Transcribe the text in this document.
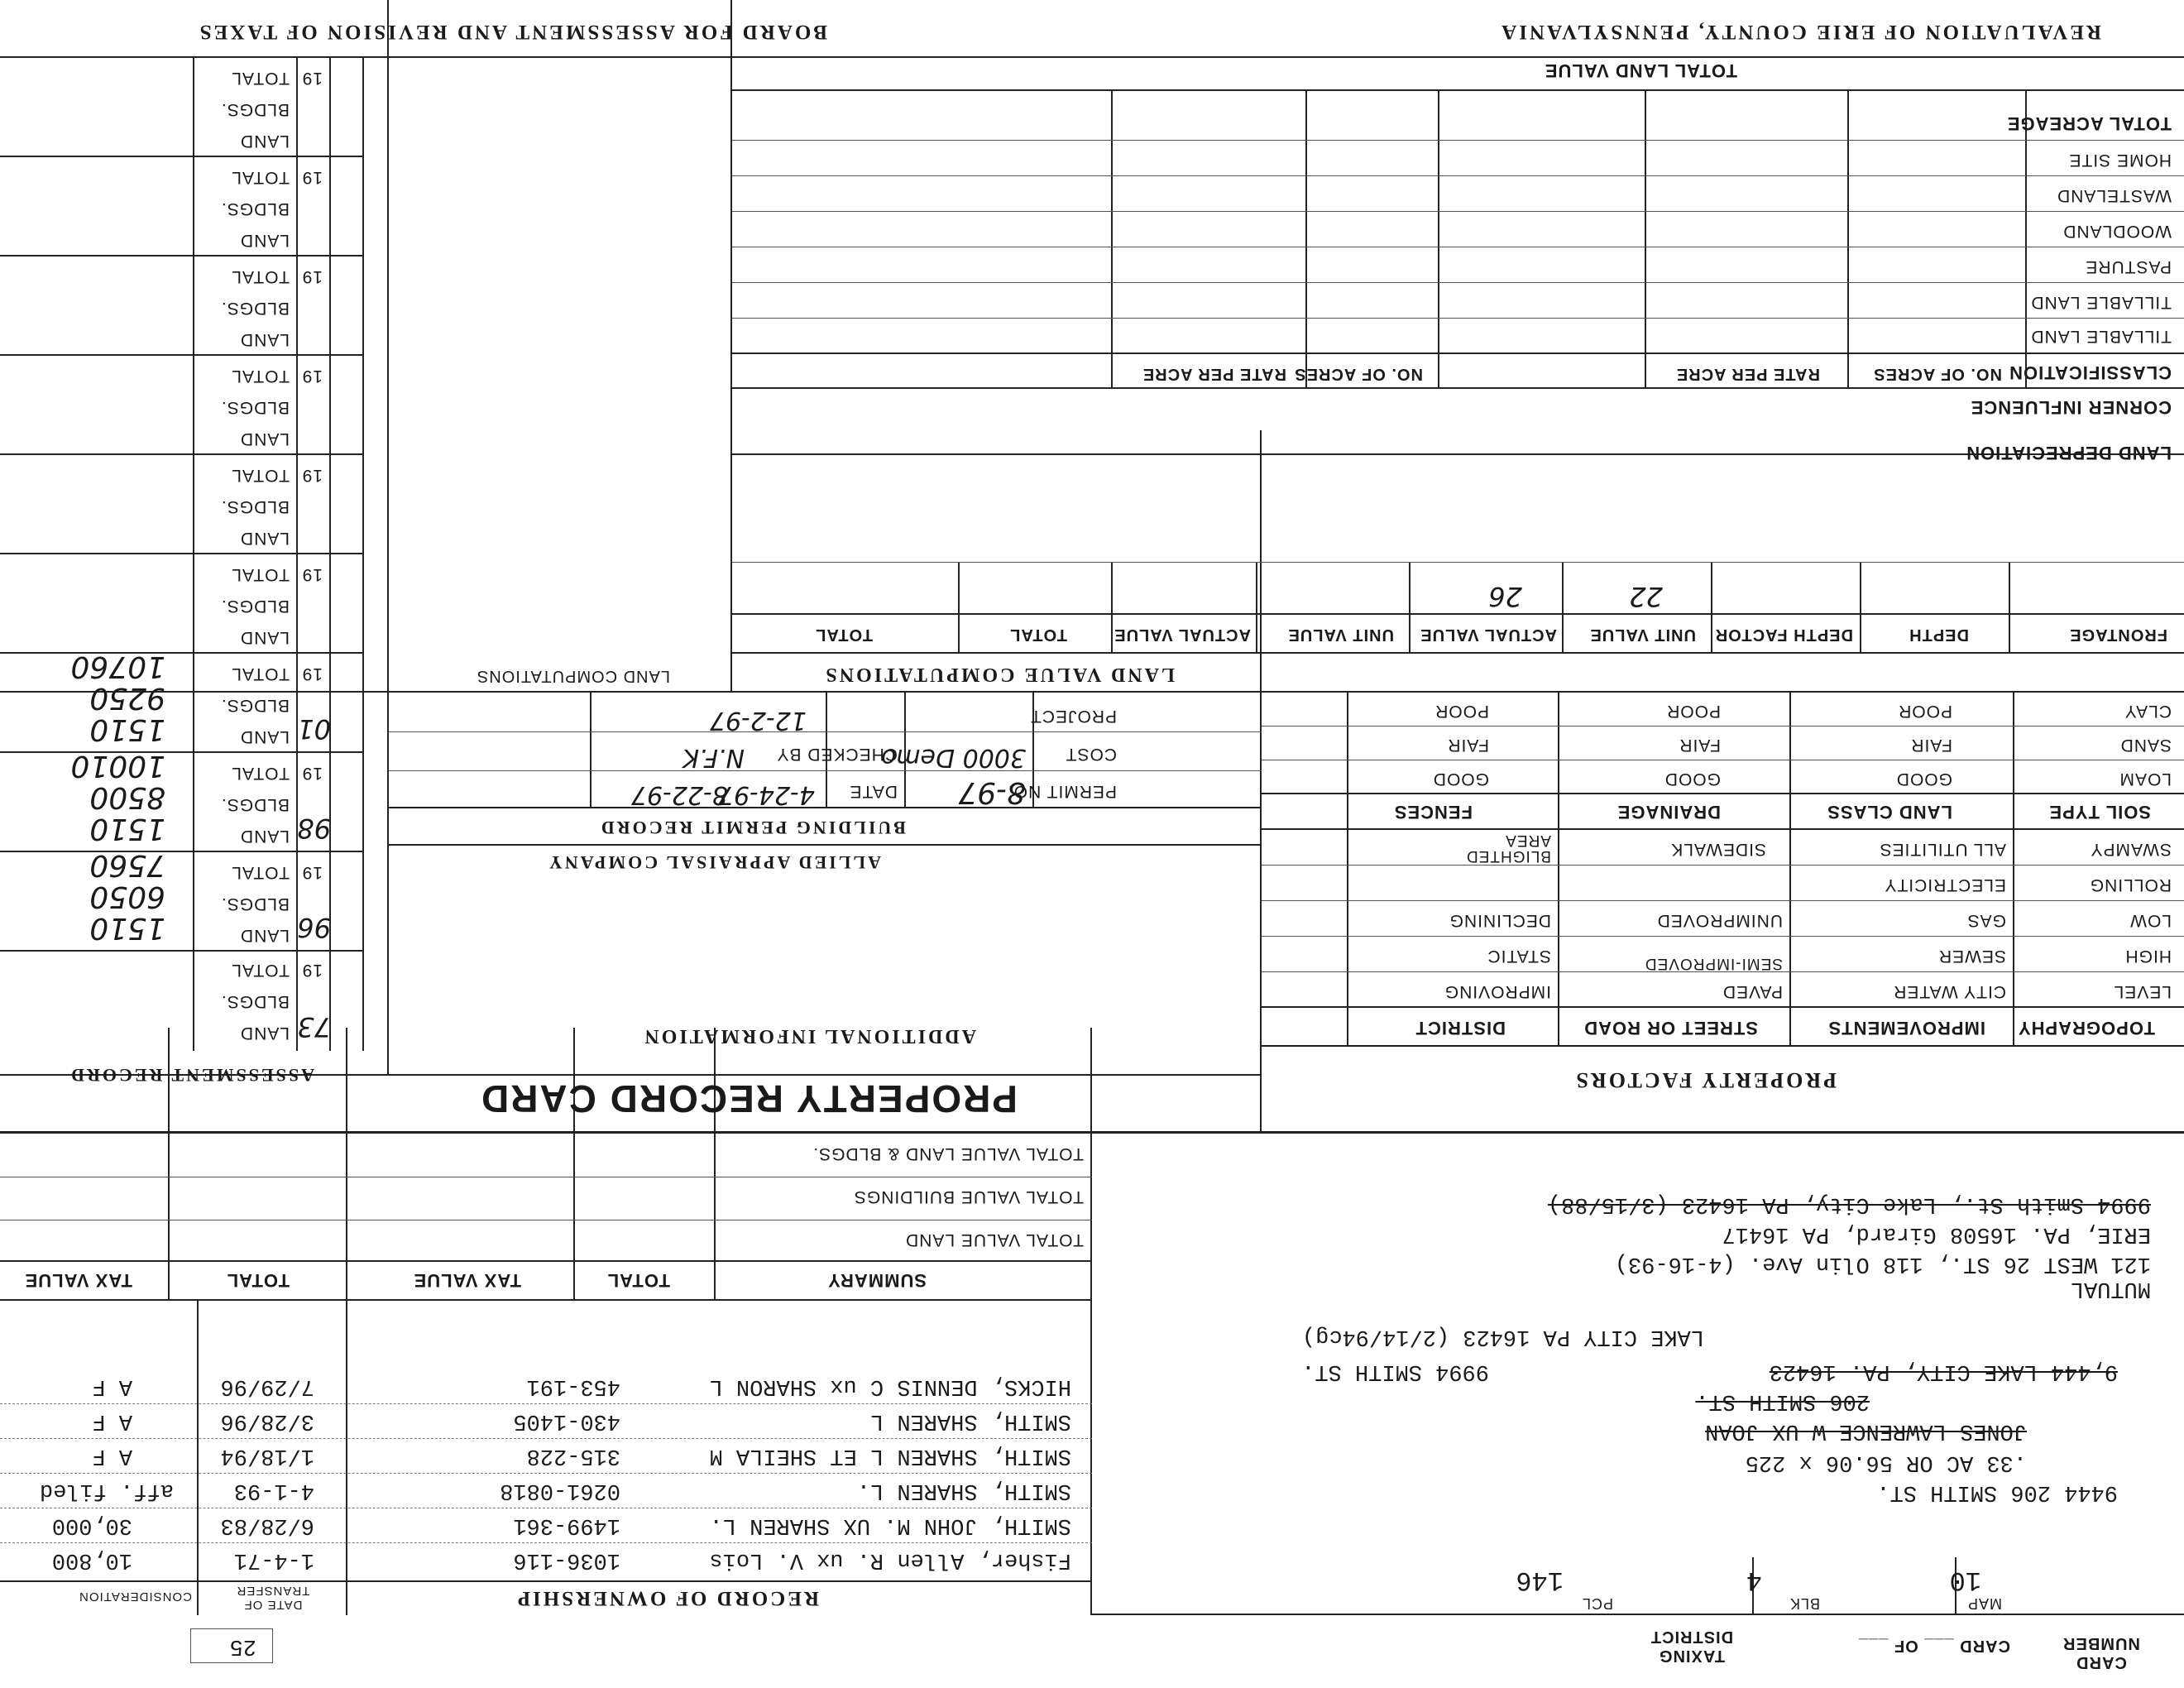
CARD NUMBER
CARD ___ OF ___
TAXING DISTRICT
25
MAP
10
BLK
4
PCL
146
9444 206 SMITH ST.
.33 AC OR 56.06 x 225
JONES LAWRENCE W UX JOAN
206 SMITH ST.
9,444 LAKE CITY, PA. 16423
9994 SMITH ST.
LAKE CITY PA 16423 (2/14/94cg)
MUTUAL
121 WEST 26 ST., 118 Olin Ave. (4-16-93)
ERIE, PA. 16508 Girard, PA 16417
9994 Smith St., Lake City, PA 16423 (3/15/88)
RECORD OF OWNERSHIP
DATE OF TRANSFER
CONSIDERATION
Fisher, Allen R. ux V. Lois
1036-116
1-4-71
10,800
SMITH, JOHN M. UX SHAREN L.
1499-361
6/28/83
30,000
SMITH, SHAREN L.
0261-0818
4-1-93
aff. filed
SMITH, SHAREN L ET SHEILA M
315-228
1/18/94
A F
SMITH, SHAREN L
430-1405
3/28/96
A F
HICKS, DENNIS C ux SHARON L
453-191
7/29/96
A F
SUMMARY
TOTAL
TAX VALUE
TOTAL
TAX VALUE
TOTAL VALUE LAND
TOTAL VALUE BUILDINGS
TOTAL VALUE LAND & BLDGS.
PROPERTY FACTORS
TOPOGRAPHY
IMPROVEMENTS
STREET OR ROAD
DISTRICT
LEVEL
CITY WATER
PAVED
IMPROVING
HIGH
SEWER
SEMI-IMPROVED
STATIC
LOW
GAS
UNIMPROVED
DECLINING
ROLLING
ELECTRICITY
SWAMPY
ALL UTILITIES
SIDEWALK
BLIGHTED AREA
SOIL TYPE
LAND CLASS
DRAINAGE
FENCES
LOAM
GOOD
GOOD
GOOD
SAND
FAIR
FAIR
FAIR
CLAY
POOR
POOR
POOR
PROPERTY RECORD CARD
ADDITIONAL INFORMATION
ALLIED APPRAISAL COMPANY
BUILDING PERMIT RECORD
PERMIT NO.
8-97
DATE
4-24-97
8-22-97
COST
3000 Demo
CHECKED BY
N.F.K
PROJECT
12-2-97
LAND VALUE COMPUTATIONS
LAND COMPUTATIONS
FRONTAGE
DEPTH
DEPTH FACTOR
UNIT VALUE
ACTUAL VALUE
UNIT VALUE
ACTUAL VALUE
TOTAL
TOTAL
22
26
LAND DEPRECIATION
CORNER INFLUENCE
CLASSIFICATION
NO. OF ACRES
RATE PER ACRE
NO. OF ACRES
RATE PER ACRE
TILLABLE LAND
TILLABLE LAND
PASTURE
WOODLAND
WASTELAND
HOME SITE
TOTAL ACREAGE
TOTAL LAND VALUE
REVALUATION OF ERIE COUNTY, PENNSYLVANIA
BOARD FOR ASSESSMENT AND REVISION OF TAXES
ASSESSMENT RECORD
LAND
BLDGS.
TOTAL 19
73
LAND
BLDGS.
TOTAL 19
96
1510
6050
7560
LAND
BLDGS.
TOTAL 19
98
1510
8500
10010
LAND
BLDGS.
TOTAL 19
01
1510
9250
10760
LAND
BLDGS.
TOTAL 19
LAND
BLDGS.
TOTAL 19
LAND
BLDGS.
TOTAL 19
LAND
BLDGS.
TOTAL 19
LAND
BLDGS.
TOTAL 19
LAND
BLDGS.
TOTAL 19
